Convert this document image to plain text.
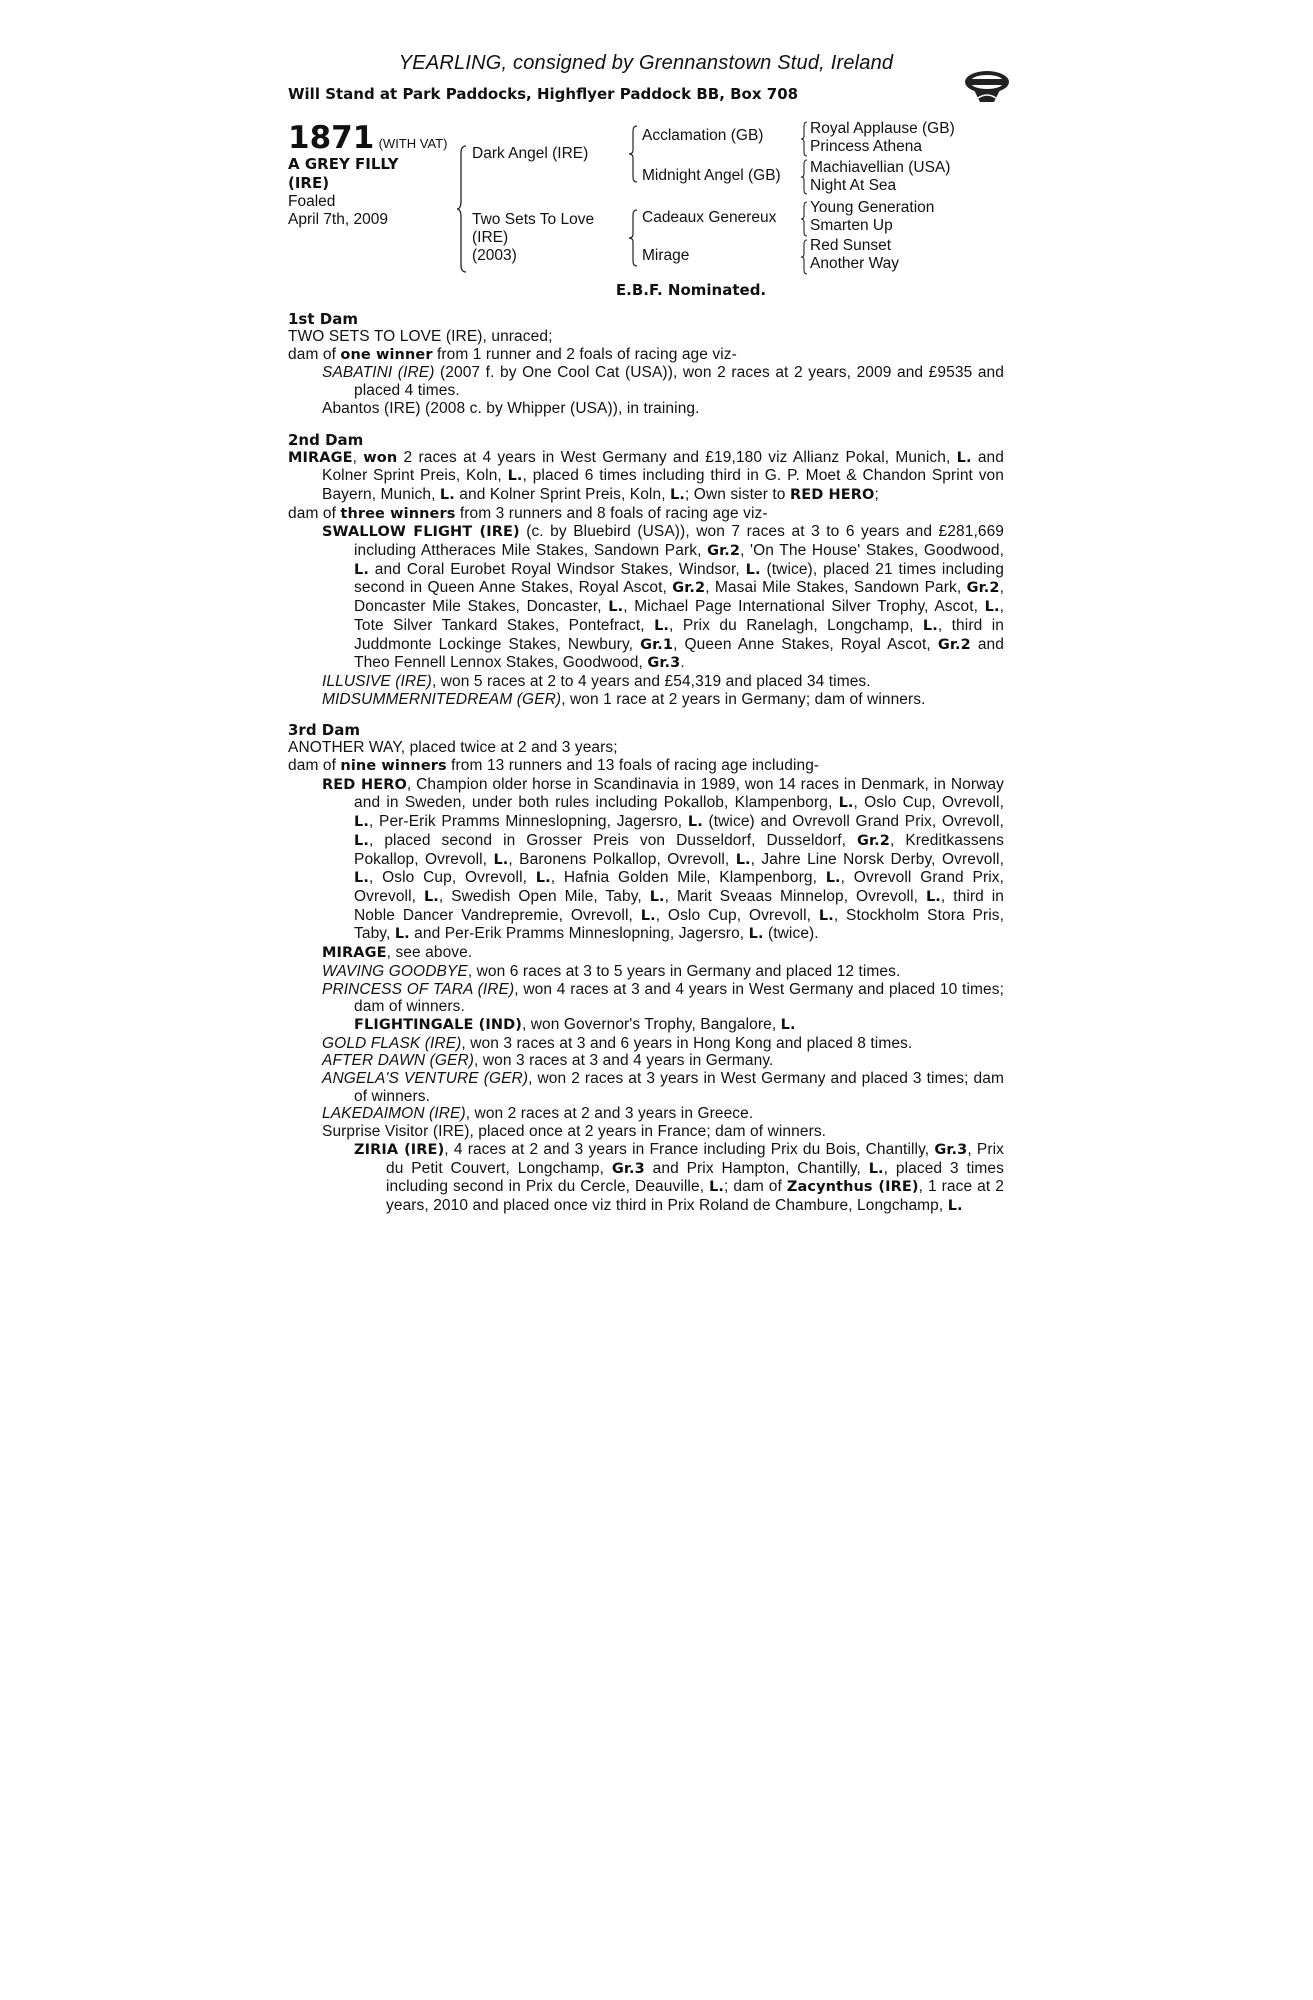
YEARLING, consigned by Grennanstown Stud, Ireland
Will Stand at Park Paddocks, Highflyer Paddock BB, Box 708
1871 (WITH VAT)
A GREY FILLY
(IRE)
Foaled
April 7th, 2009
Dark Angel (IRE)
Two Sets To Love
(IRE)
(2003)
Acclamation (GB)
Midnight Angel (GB)
Cadeaux Genereux
Mirage
Royal Applause (GB)
Princess Athena
Machiavellian (USA)
Night At Sea
Young Generation
Smarten Up
Red Sunset
Another Way
E.B.F. Nominated.
1st Dam
TWO SETS TO LOVE (IRE), unraced;
dam of one winner from 1 runner and 2 foals of racing age viz-
SABATINI (IRE) (2007 f. by One Cool Cat (USA)), won 2 races at 2 years, 2009 and £9535 and placed 4 times.
Abantos (IRE) (2008 c. by Whipper (USA)), in training.
2nd Dam
MIRAGE, won 2 races at 4 years in West Germany and £19,180 viz Allianz Pokal, Munich, L. and Kolner Sprint Preis, Koln, L., placed 6 times including third in G. P. Moet & Chandon Sprint von Bayern, Munich, L. and Kolner Sprint Preis, Koln, L.; Own sister to RED HERO;
dam of three winners from 3 runners and 8 foals of racing age viz-
SWALLOW FLIGHT (IRE) (c. by Bluebird (USA)), won 7 races at 3 to 6 years and £281,669 including Attheraces Mile Stakes, Sandown Park, Gr.2, 'On The House' Stakes, Goodwood, L. and Coral Eurobet Royal Windsor Stakes, Windsor, L. (twice), placed 21 times including second in Queen Anne Stakes, Royal Ascot, Gr.2, Masai Mile Stakes, Sandown Park, Gr.2, Doncaster Mile Stakes, Doncaster, L., Michael Page International Silver Trophy, Ascot, L., Tote Silver Tankard Stakes, Pontefract, L., Prix du Ranelagh, Longchamp, L., third in Juddmonte Lockinge Stakes, Newbury, Gr.1, Queen Anne Stakes, Royal Ascot, Gr.2 and Theo Fennell Lennox Stakes, Goodwood, Gr.3.
ILLUSIVE (IRE), won 5 races at 2 to 4 years and £54,319 and placed 34 times.
MIDSUMMERNITEDREAM (GER), won 1 race at 2 years in Germany; dam of winners.
3rd Dam
ANOTHER WAY, placed twice at 2 and 3 years;
dam of nine winners from 13 runners and 13 foals of racing age including-
RED HERO, Champion older horse in Scandinavia in 1989, won 14 races in Denmark, in Norway and in Sweden, under both rules including Pokallob, Klampenborg, L., Oslo Cup, Ovrevoll, L., Per-Erik Pramms Minneslopning, Jagersro, L. (twice) and Ovrevoll Grand Prix, Ovrevoll, L., placed second in Grosser Preis von Dusseldorf, Dusseldorf, Gr.2, Kreditkassens Pokallop, Ovrevoll, L., Baronens Polkallop, Ovrevoll, L., Jahre Line Norsk Derby, Ovrevoll, L., Oslo Cup, Ovrevoll, L., Hafnia Golden Mile, Klampenborg, L., Ovrevoll Grand Prix, Ovrevoll, L., Swedish Open Mile, Taby, L., Marit Sveaas Minnelop, Ovrevoll, L., third in Noble Dancer Vandrepremie, Ovrevoll, L., Oslo Cup, Ovrevoll, L., Stockholm Stora Pris, Taby, L. and Per-Erik Pramms Minneslopning, Jagersro, L. (twice).
MIRAGE, see above.
WAVING GOODBYE, won 6 races at 3 to 5 years in Germany and placed 12 times.
PRINCESS OF TARA (IRE), won 4 races at 3 and 4 years in West Germany and placed 10 times; dam of winners.
FLIGHTINGALE (IND), won Governor's Trophy, Bangalore, L.
GOLD FLASK (IRE), won 3 races at 3 and 6 years in Hong Kong and placed 8 times.
AFTER DAWN (GER), won 3 races at 3 and 4 years in Germany.
ANGELA'S VENTURE (GER), won 2 races at 3 years in West Germany and placed 3 times; dam of winners.
LAKEDAIMON (IRE), won 2 races at 2 and 3 years in Greece.
Surprise Visitor (IRE), placed once at 2 years in France; dam of winners.
ZIRIA (IRE), 4 races at 2 and 3 years in France including Prix du Bois, Chantilly, Gr.3, Prix du Petit Couvert, Longchamp, Gr.3 and Prix Hampton, Chantilly, L., placed 3 times including second in Prix du Cercle, Deauville, L.; dam of Zacynthus (IRE), 1 race at 2 years, 2010 and placed once viz third in Prix Roland de Chambure, Longchamp, L.
